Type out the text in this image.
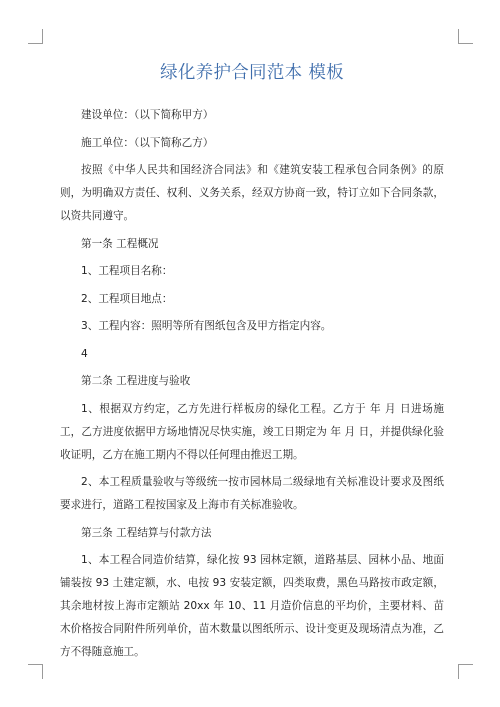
绿化养护合同范本 模板

建设单位：（以下简称甲方）

施工单位：（以下简称乙方）

按照《中华人民共和国经济合同法》和《建筑安装工程承包合同条例》的原则，为明确双方责任、权利、义务关系，经双方协商一致，特订立如下合同条款，以资共同遵守。

第一条 工程概况

1、工程项目名称：

2、工程项目地点：

3、工程内容：照明等所有图纸包含及甲方指定内容。

4

第二条 工程进度与验收

1、根据双方约定，乙方先进行样板房的绿化工程。乙方于 年 月 日进场施工，乙方进度依据甲方场地情况尽快实施，竣工日期定为 年 月 日，并提供绿化验收证明，乙方在施工期内不得以任何理由推迟工期。

2、本工程质量验收与等级统一按市园林局二级绿地有关标准设计要求及图纸要求进行，道路工程按国家及上海市有关标准验收。

第三条 工程结算与付款方法

1、本工程合同造价结算，绿化按 93 园林定额，道路基层、园林小品、地面铺装按 93 土建定额，水、电按 93 安装定额，四类取费，黑色马路按市政定额，其余地材按上海市定额站 20xx 年 10、11 月造价信息的平均价，主要材料、苗木价格按合同附件所列单价，苗木数量以图纸所示、设计变更及现场清点为准，乙方不得随意施工。
